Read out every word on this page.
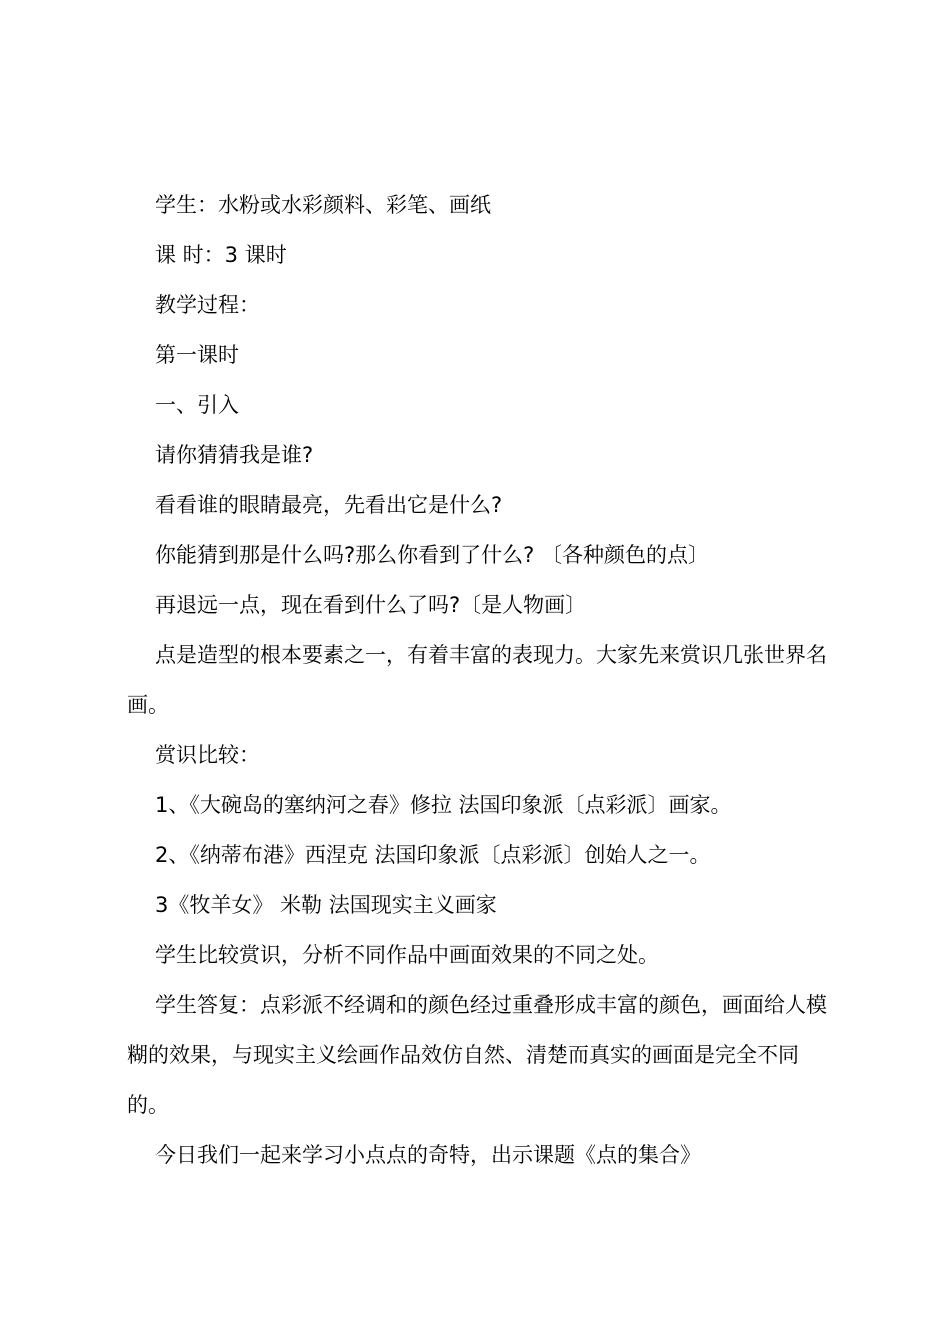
学生：水粉或水彩颜料、彩笔、画纸

课 时：3 课时

教学过程：

第一课时

一、引入

请你猜猜我是谁?

看看谁的眼睛最亮，先看出它是什么?

你能猜到那是什么吗?那么你看到了什么? 〔各种颜色的点〕

再退远一点，现在看到什么了吗?〔是人物画〕

点是造型的根本要素之一，有着丰富的表现力。大家先来赏识几张世界名画。

赏识比较：

1、《大碗岛的塞纳河之春》修拉 法国印象派〔点彩派〕画家。

2、《纳蒂布港》西涅克 法国印象派〔点彩派〕创始人之一。

3《牧羊女》 米勒 法国现实主义画家

学生比较赏识，分析不同作品中画面效果的不同之处。

学生答复：点彩派不经调和的颜色经过重叠形成丰富的颜色，画面给人模糊的效果，与现实主义绘画作品效仿自然、清楚而真实的画面是完全不同的。

今日我们一起来学习小点点的奇特，出示课题《点的集合》
